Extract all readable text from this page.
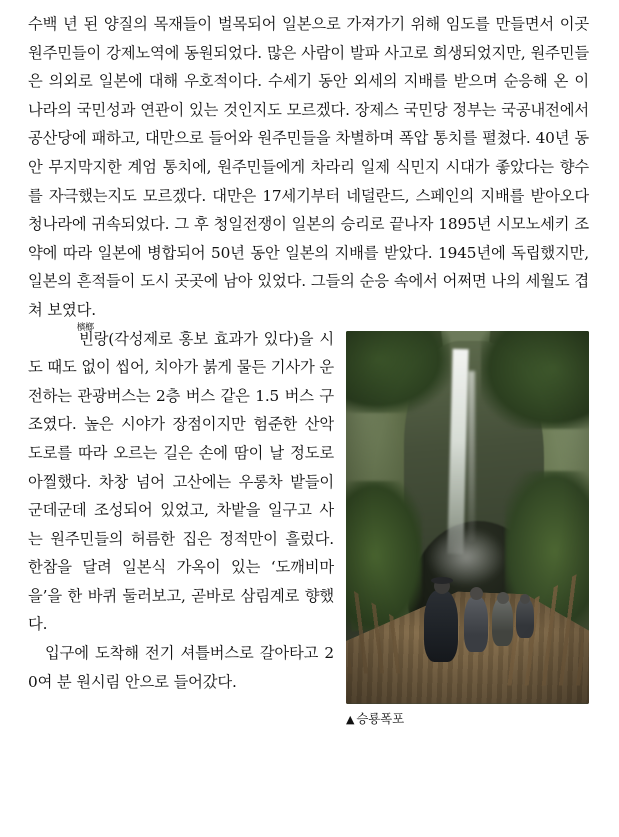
수백 년 된 양질의 목재들이 벌목되어 일본으로 가져가기 위해 임도를 만들면서 이곳 원주민들이 강제노역에 동원되었다. 많은 사람이 발파 사고로 희생되었지만, 원주민들은 의외로 일본에 대해 우호적이다. 수세기 동안 외세의 지배를 받으며 순응해 온 이 나라의 국민성과 연관이 있는 것인지도 모르겠다. 장제스 국민당 정부는 국공내전에서 공산당에 패하고, 대만으로 들어와 원주민들을 차별하며 폭압 통치를 펼쳤다. 40년 동안 무지막지한 계엄 통치에, 원주민들에게 차라리 일제 식민지 시대가 좋았다는 향수를 자극했는지도 모르겠다. 대만은 17세기부터 네덜란드, 스페인의 지배를 받아오다 청나라에 귀속되었다. 그 후 청일전쟁이 일본의 승리로 끝나자 1895년 시모노세키 조약에 따라 일본에 병합되어 50년 동안 일본의 지배를 받았다. 1945년에 독립했지만, 일본의 흔적들이 도시 곳곳에 남아 있었다. 그들의 순응 속에서 어쩌면 나의 세월도 겹쳐 보였다.

▲ 승룡폭포

檳榔
빈랑(각성제로 홍보 효과가 있다)을 시도 때도 없이 씹어, 치아가 붉게 물든 기사가 운전하는 관광버스는 2층 버스 같은 1.5 버스 구조였다. 높은 시야가 장점이지만 험준한 산악도로를 따라 오르는 길은 손에 땀이 날 정도로 아찔했다. 차창 넘어 고산에는 우롱차 밭들이 군데군데 조성되어 있었고, 차밭을 일구고 사는 원주민들의 허름한 집은 정적만이 흘렀다. 한참을 달려 일본식 가옥이 있는 ‘도깨비마을’을 한 바퀴 둘러보고, 곧바로 삼림계로 향했다.

입구에 도착해 전기 셔틀버스로 갈아타고 20여 분 원시림 안으로 들어갔다.
